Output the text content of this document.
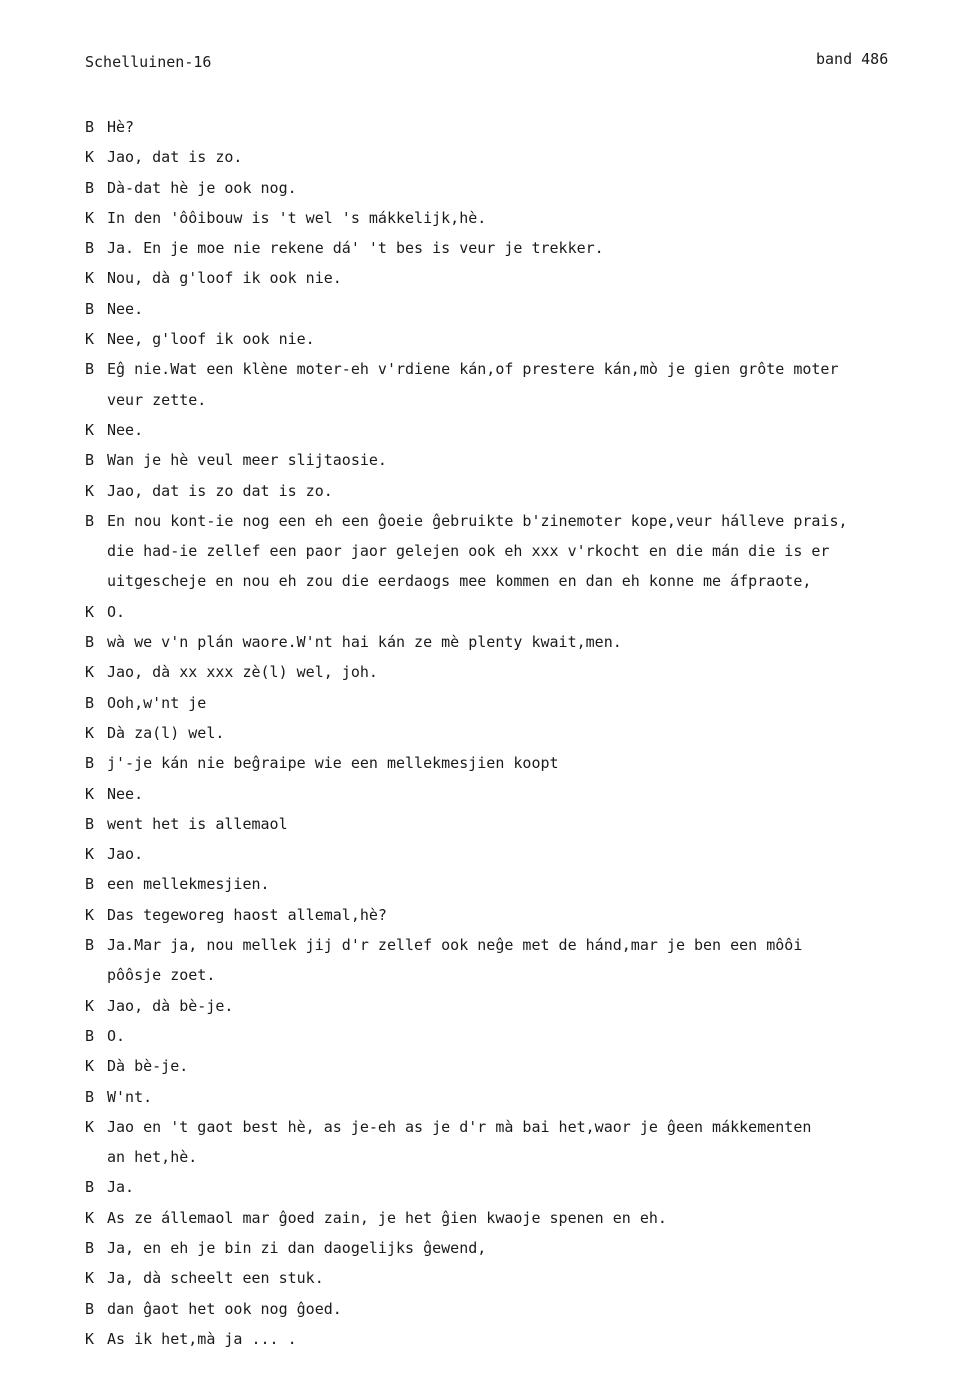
Schelluinen-16	band 486
B Hè?
K Jao, dat is zo.
B Dà-dat hè je ook nog.
K In den 'ôôibouw is 't wel 's mákkelijk,hè.
B Ja. En je moe nie rekene dá' 't bes is veur je trekker.
K Nou, dà g'loof ik ook nie.
B Nee.
K Nee, g'loof ik ook nie.
B Eĝ nie.Wat een klène moter-eh v'rdiene kán,of prestere kán,mò je gien grôte moter
veur zette.
K Nee.
B Wan je hè veul meer slijtaosie.
K Jao, dat is zo dat is zo.
B En nou kont-ie nog een eh een ĝoeie ĝebruikte b'zinemoter kope,veur hálleve prais,
die had-ie zellef een paor jaor gelejen ook eh xxx v'rkocht en die mán die is er
uitgescheje en nou eh zou die eerdaogs mee kommen en dan eh konne me áfpraote,
K O.
B wà we v'n plán waore.W'nt hai kán ze mè plenty kwait,men.
K Jao, dà xx xxx zè(l) wel, joh.
B Ooh,w'nt je
K Dà za(l) wel.
B j'-je kán nie beĝraipe wie een mellekmesjien koopt
K Nee.
B went het is allemaol
K Jao.
B een mellekmesjien.
K Das tegeworeg haost allemal,hè?
B Ja.Mar ja, nou mellek jij d'r zellef ook neĝe met de hánd,mar je ben een môôi
pôôsje zoet.
K Jao, dà bè-je.
B O.
K Dà bè-je.
B W'nt.
K Jao en 't gaot best hè, as je-eh as je d'r mà bai het,waor je ĝeen mákkementen
an het,hè.
B Ja.
K As ze állemaol mar ĝoed zain, je het ĝien kwaoje spenen en eh.
B Ja, en eh je bin zi dan daogelijks ĝewend,
K Ja, dà scheelt een stuk.
B dan ĝaot het ook nog ĝoed.
K As ik het,mà ja ... .
